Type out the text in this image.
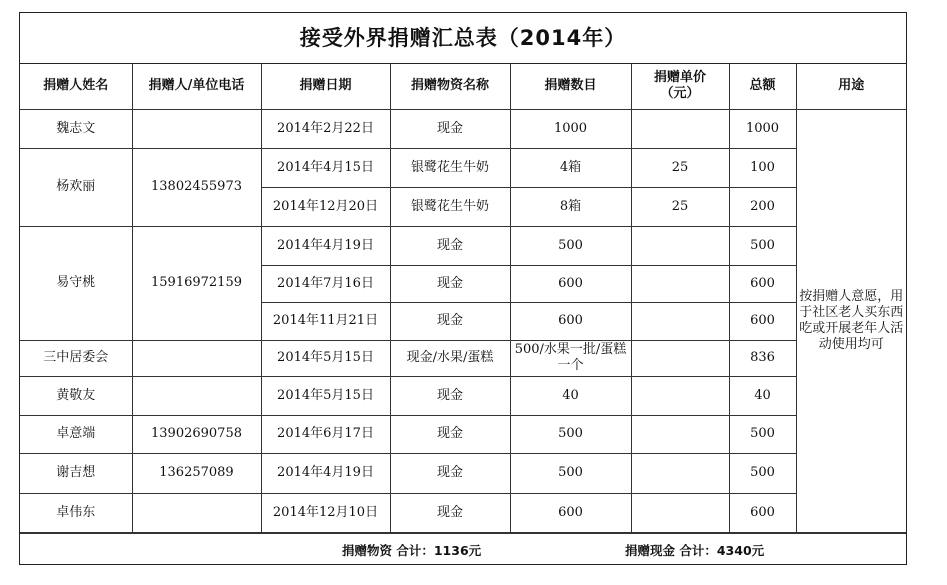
接受外界捐赠汇总表（2014年）
捐赠人姓名	捐赠人/单位电话	捐赠日期	捐赠物资名称	捐赠数目	捐赠单价（元）	总额	用途
魏志文		2014年2月22日	现金	1000		1000	按捐赠人意愿，用于社区老人买东西吃或开展老年人活动使用均可
杨欢丽	13802455973	2014年4月15日	银鹭花生牛奶	4箱	25	100	
		2014年12月20日	银鹭花生牛奶	8箱	25	200	
易守桃	15916972159	2014年4月19日	现金	500		500	
		2014年7月16日	现金	600		600	
		2014年11月21日	现金	600		600	
三中居委会		2014年5月15日	现金/水果/蛋糕	500/水果一批/蛋糕一个		836	
黄敬友		2014年5月15日	现金	40		40	
卓意端	13902690758	2014年6月17日	现金	500		500	
谢吉想	136257089	2014年4月19日	现金	500		500	
卓伟东		2014年12月10日	现金	600		600	
捐赠物资 合计：1136元	捐赠现金 合计：4340元
